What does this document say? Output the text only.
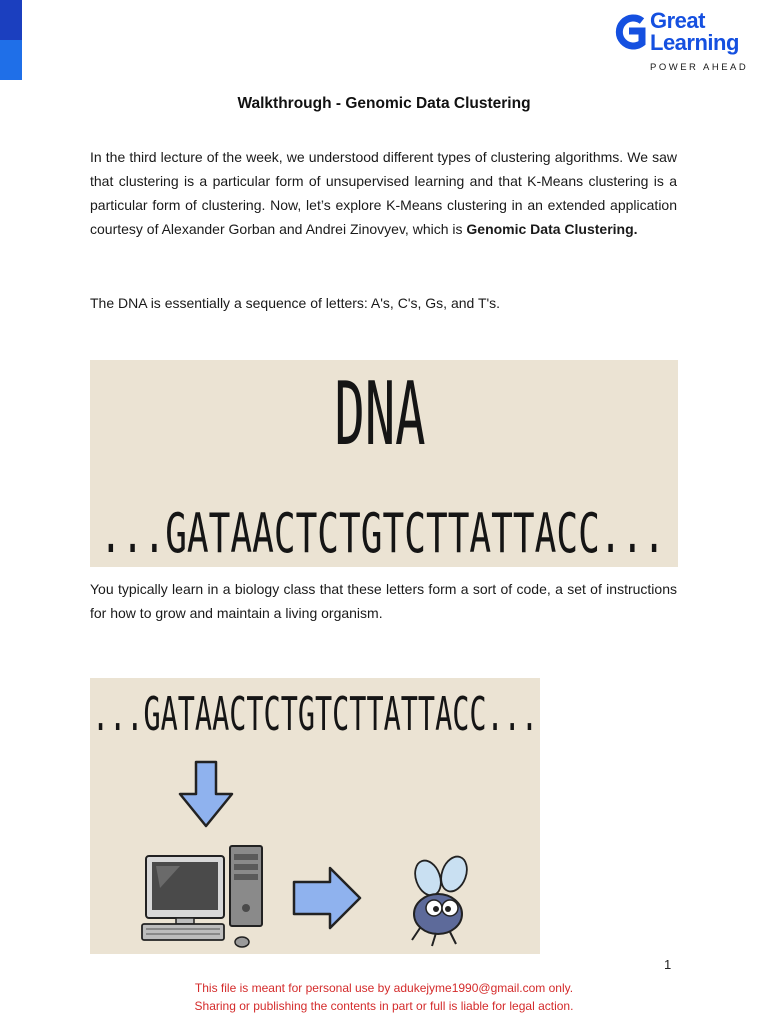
Great
Learning
POWER AHEAD
Walkthrough - Genomic Data Clustering
In the third lecture of the week, we understood different types of clustering algorithms. We saw that clustering is a particular form of unsupervised learning and that K-Means clustering is a particular form of clustering. Now, let’s explore K-Means clustering in an extended application courtesy of Alexander Gorban and Andrei Zinovyev, which is Genomic Data Clustering.
The DNA is essentially a sequence of letters: A's, C's, Gs, and T's.
DNA
...GATAACTCTGTCTTATTACC...
You typically learn in a biology class that these letters form a sort of code, a set of instructions for how to grow and maintain a living organism.
...GATAACTCTGTCTTATTACC...
1
This file is meant for personal use by adukejyme1990@gmail.com only.
Sharing or publishing the contents in part or full is liable for legal action.
